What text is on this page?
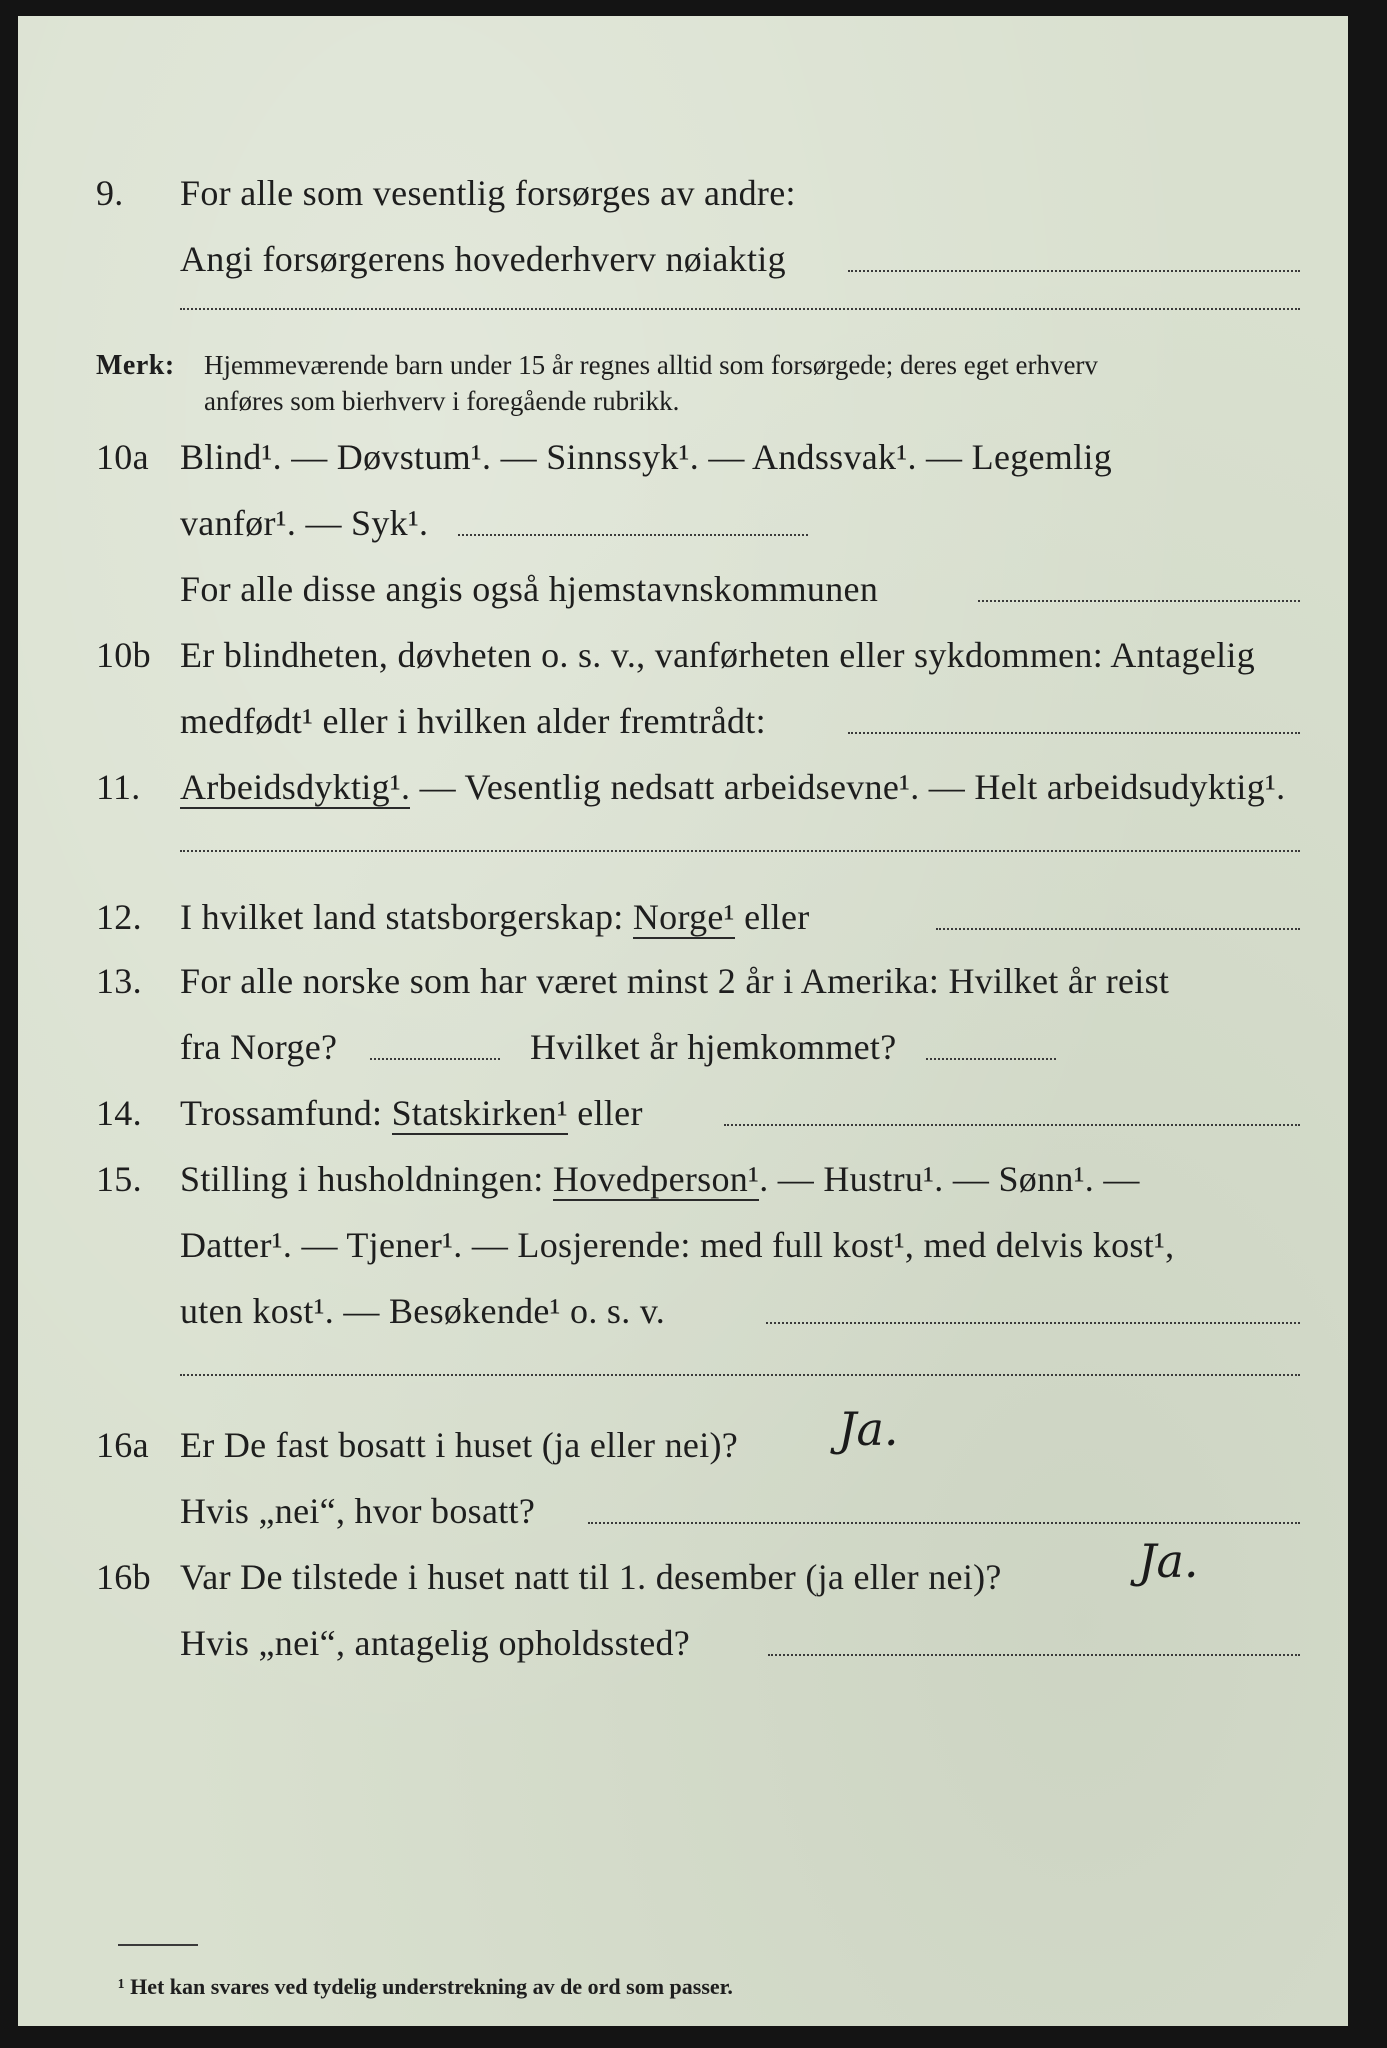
9.	For alle som vesentlig forsørges av andre:
Angi forsørgerens hovederhverv nøiaktig
Merk: Hjemmeværende barn under 15 år regnes alltid som forsørgede; deres eget erhverv
anføres som bierhverv i foregående rubrikk.
10a Blind¹. — Døvstum¹. — Sinnssyk¹. — Andssvak¹. — Legemlig
vanfør¹. — Syk¹.
For alle disse angis også hjemstavnskommunen
10b Er blindheten, døvheten o. s. v., vanførheten eller sykdommen: Antagelig
medfødt¹ eller i hvilken alder fremtrådt:
11.	Arbeidsdyktig¹. — Vesentlig nedsatt arbeidsevne¹. — Helt arbeidsudyktig¹.
12.	I hvilket land statsborgerskap: Norge¹ eller
13.	For alle norske som har været minst 2 år i Amerika: Hvilket år reist
fra Norge?	Hvilket år hjemkommet?
14.	Trossamfund: Statskirken¹ eller
15.	Stilling i husholdningen: Hovedperson¹. — Hustru¹. — Sønn¹. —
Datter¹. — Tjener¹. — Losjerende: med full kost¹, med delvis kost¹,
uten kost¹. — Besøkende¹ o. s. v.
16a Er De fast bosatt i huset (ja eller nei)? Ja.
Hvis „nei“, hvor bosatt?
16b Var De tilstede i huset natt til 1. desember (ja eller nei)?	Ja.
Hvis „nei“, antagelig opholdssted?
¹ Het kan svares ved tydelig understrekning av de ord som passer.
